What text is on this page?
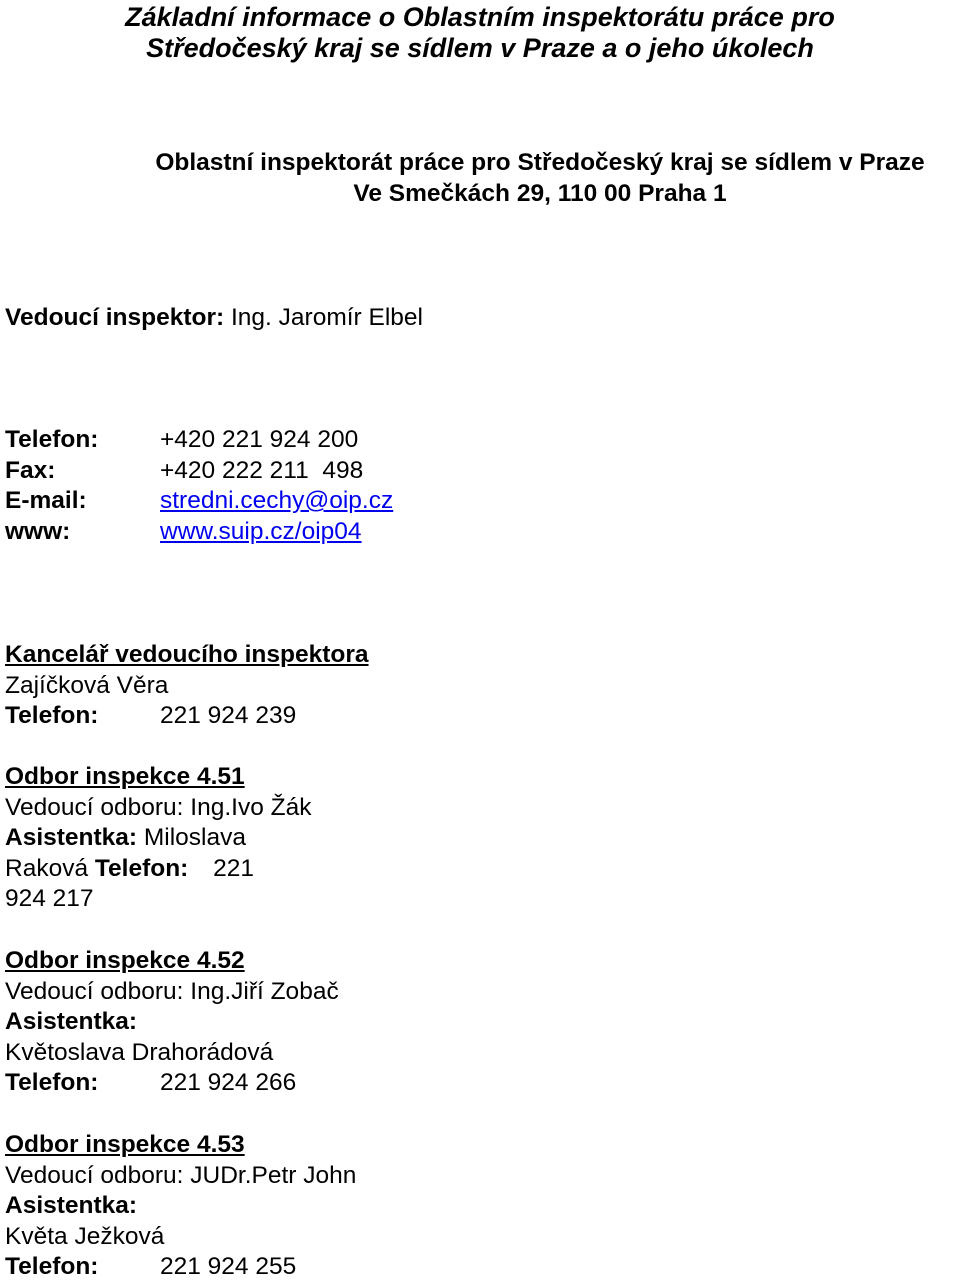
Základní informace o Oblastním inspektorátu práce pro
Středočeský kraj se sídlem v Praze a o jeho úkolech
Oblastní inspektorát práce pro Středočeský kraj se sídlem v Praze
Ve Smečkách 29, 110 00 Praha 1
Vedoucí inspektor: Ing. Jaromír Elbel
Telefon:	+420 221 924 200
Fax:	+420 222 211  498
E-mail:	stredni.cechy@oip.cz
www:	www.suip.cz/oip04
Kancelář vedoucího inspektora
Zajíčková Věra
Telefon:	221 924 239
Odbor inspekce 4.51
Vedoucí odboru: Ing.Ivo Žák
Asistentka: Miloslava
Raková Telefon: 221
924 217
Odbor inspekce 4.52
Vedoucí odboru: Ing.Jiří Zobač
Asistentka:
Květoslava Drahorádová
Telefon:	221 924 266
Odbor inspekce 4.53
Vedoucí odboru: JUDr.Petr John
Asistentka:
Květa Ježková
Telefon:	221 924 255
